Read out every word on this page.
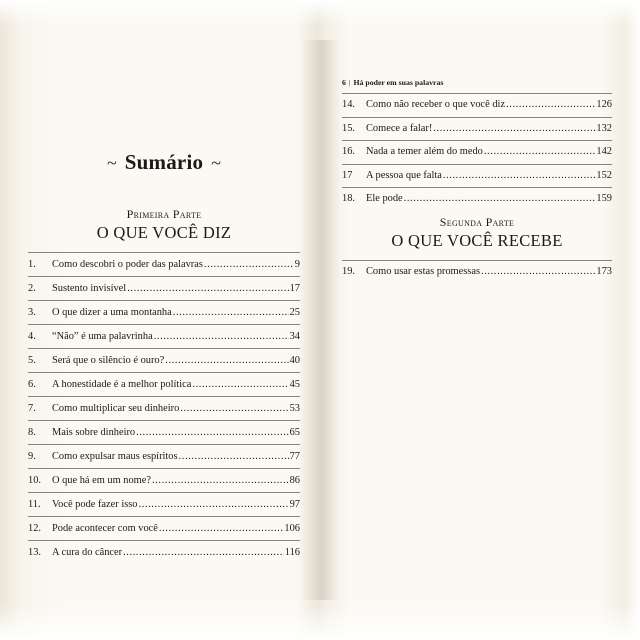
~ Sumário ~

Primeira Parte

O QUE VOCÊ DIZ

1.	Como descobri o poder das palavras .....	9
2.	Sustento invisível .....	17
3.	O que dizer a uma montanha .....	25
4.	“Não” é uma palavrinha .....	34
5.	Será que o silêncio é ouro? .....	40
6.	A honestidade é a melhor política .....	45
7.	Como multiplicar seu dinheiro .....	53
8.	Mais sobre dinheiro .....	65
9.	Como expulsar maus espíritos .....	77
10.	O que há em um nome? .....	86
11.	Você pode fazer isso .....	97
12.	Pode acontecer com você .....	106
13.	A cura do câncer .....	116
6 | Há poder em suas palavras
14.	Como não receber o que você diz .....	126
15.	Comece a falar! .....	132
16.	Nada a temer além do medo .....	142
17	A pessoa que falta .....	152
18.	Ele pode .....	159

Segunda Parte

O QUE VOCÊ RECEBE

19.	Como usar estas promessas .....	173
